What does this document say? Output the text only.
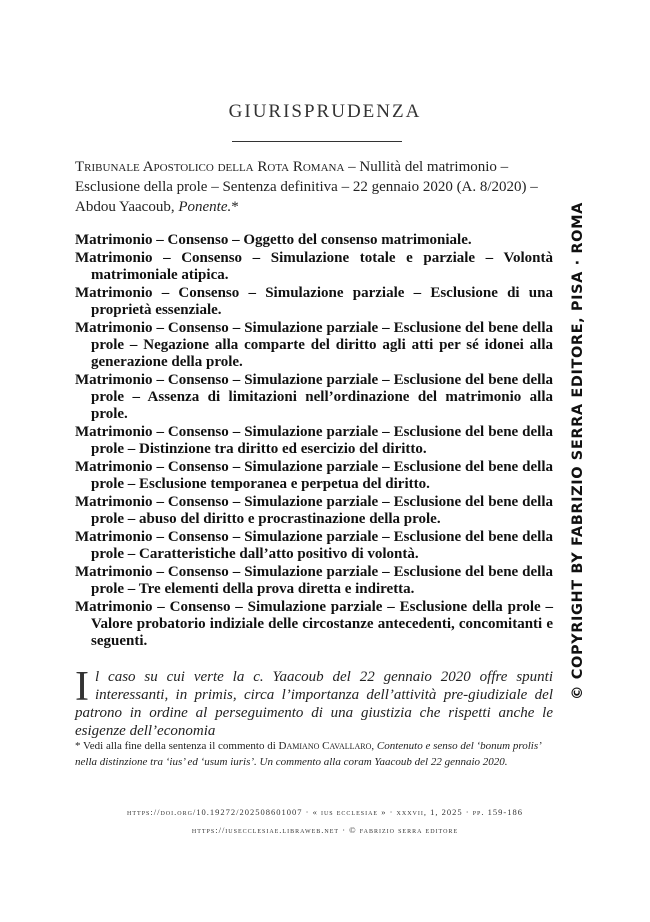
GIURISPRUDENZA

Tribunale Apostolico della Rota Romana – Nullità del matrimonio – Esclusione della prole – Sentenza definitiva – 22 gennaio 2020 (A. 8/2020) – Abdou Yaacoub, Ponente.*

Matrimonio – Consenso – Oggetto del consenso matrimoniale.
Matrimonio – Consenso – Simulazione totale e parziale – Volontà matrimoniale atipica.
Matrimonio – Consenso – Simulazione parziale – Esclusione di una proprietà essenziale.
Matrimonio – Consenso – Simulazione parziale – Esclusione del bene della prole – Negazione alla comparte del diritto agli atti per sé idonei alla generazione della prole.
Matrimonio – Consenso – Simulazione parziale – Esclusione del bene della prole – Assenza di limitazioni nell’ordinazione del matrimonio alla prole.
Matrimonio – Consenso – Simulazione parziale – Esclusione del bene della prole – Distinzione tra diritto ed esercizio del diritto.
Matrimonio – Consenso – Simulazione parziale – Esclusione del bene della prole – Esclusione temporanea e perpetua del diritto.
Matrimonio – Consenso – Simulazione parziale – Esclusione del bene della prole – abuso del diritto e procrastinazione della prole.
Matrimonio – Consenso – Simulazione parziale – Esclusione del bene della prole – Caratteristiche dall’atto positivo di volontà.
Matrimonio – Consenso – Simulazione parziale – Esclusione del bene della prole – Tre elementi della prova diretta e indiretta.
Matrimonio – Consenso – Simulazione parziale – Esclusione della prole – Valore probatorio indiziale delle circostanze antecedenti, concomitanti e seguenti.

Il caso su cui verte la c. Yaacoub del 22 gennaio 2020 offre spunti interessanti, in primis, circa l’importanza dell’attività pre-giudiziale del patrono in ordine al perseguimento di una giustizia che rispetti anche le esigenze dell’economia

* Vedi alla fine della sentenza il commento di Damiano Cavallaro, Contenuto e senso del ‘bonum prolis’ nella distinzione tra ‘ius’ ed ‘usum iuris’. Un commento alla coram Yaacoub del 22 gennaio 2020.

https://doi.org/10.19272/202508601007 · « ius ecclesiae » · xxxvii, 1, 2025 · pp. 159-186
https://iusecclesiae.libraweb.net · © fabrizio serra editore
© COPYRIGHT BY FABRIZIO SERRA EDITORE, PISA · ROMA
